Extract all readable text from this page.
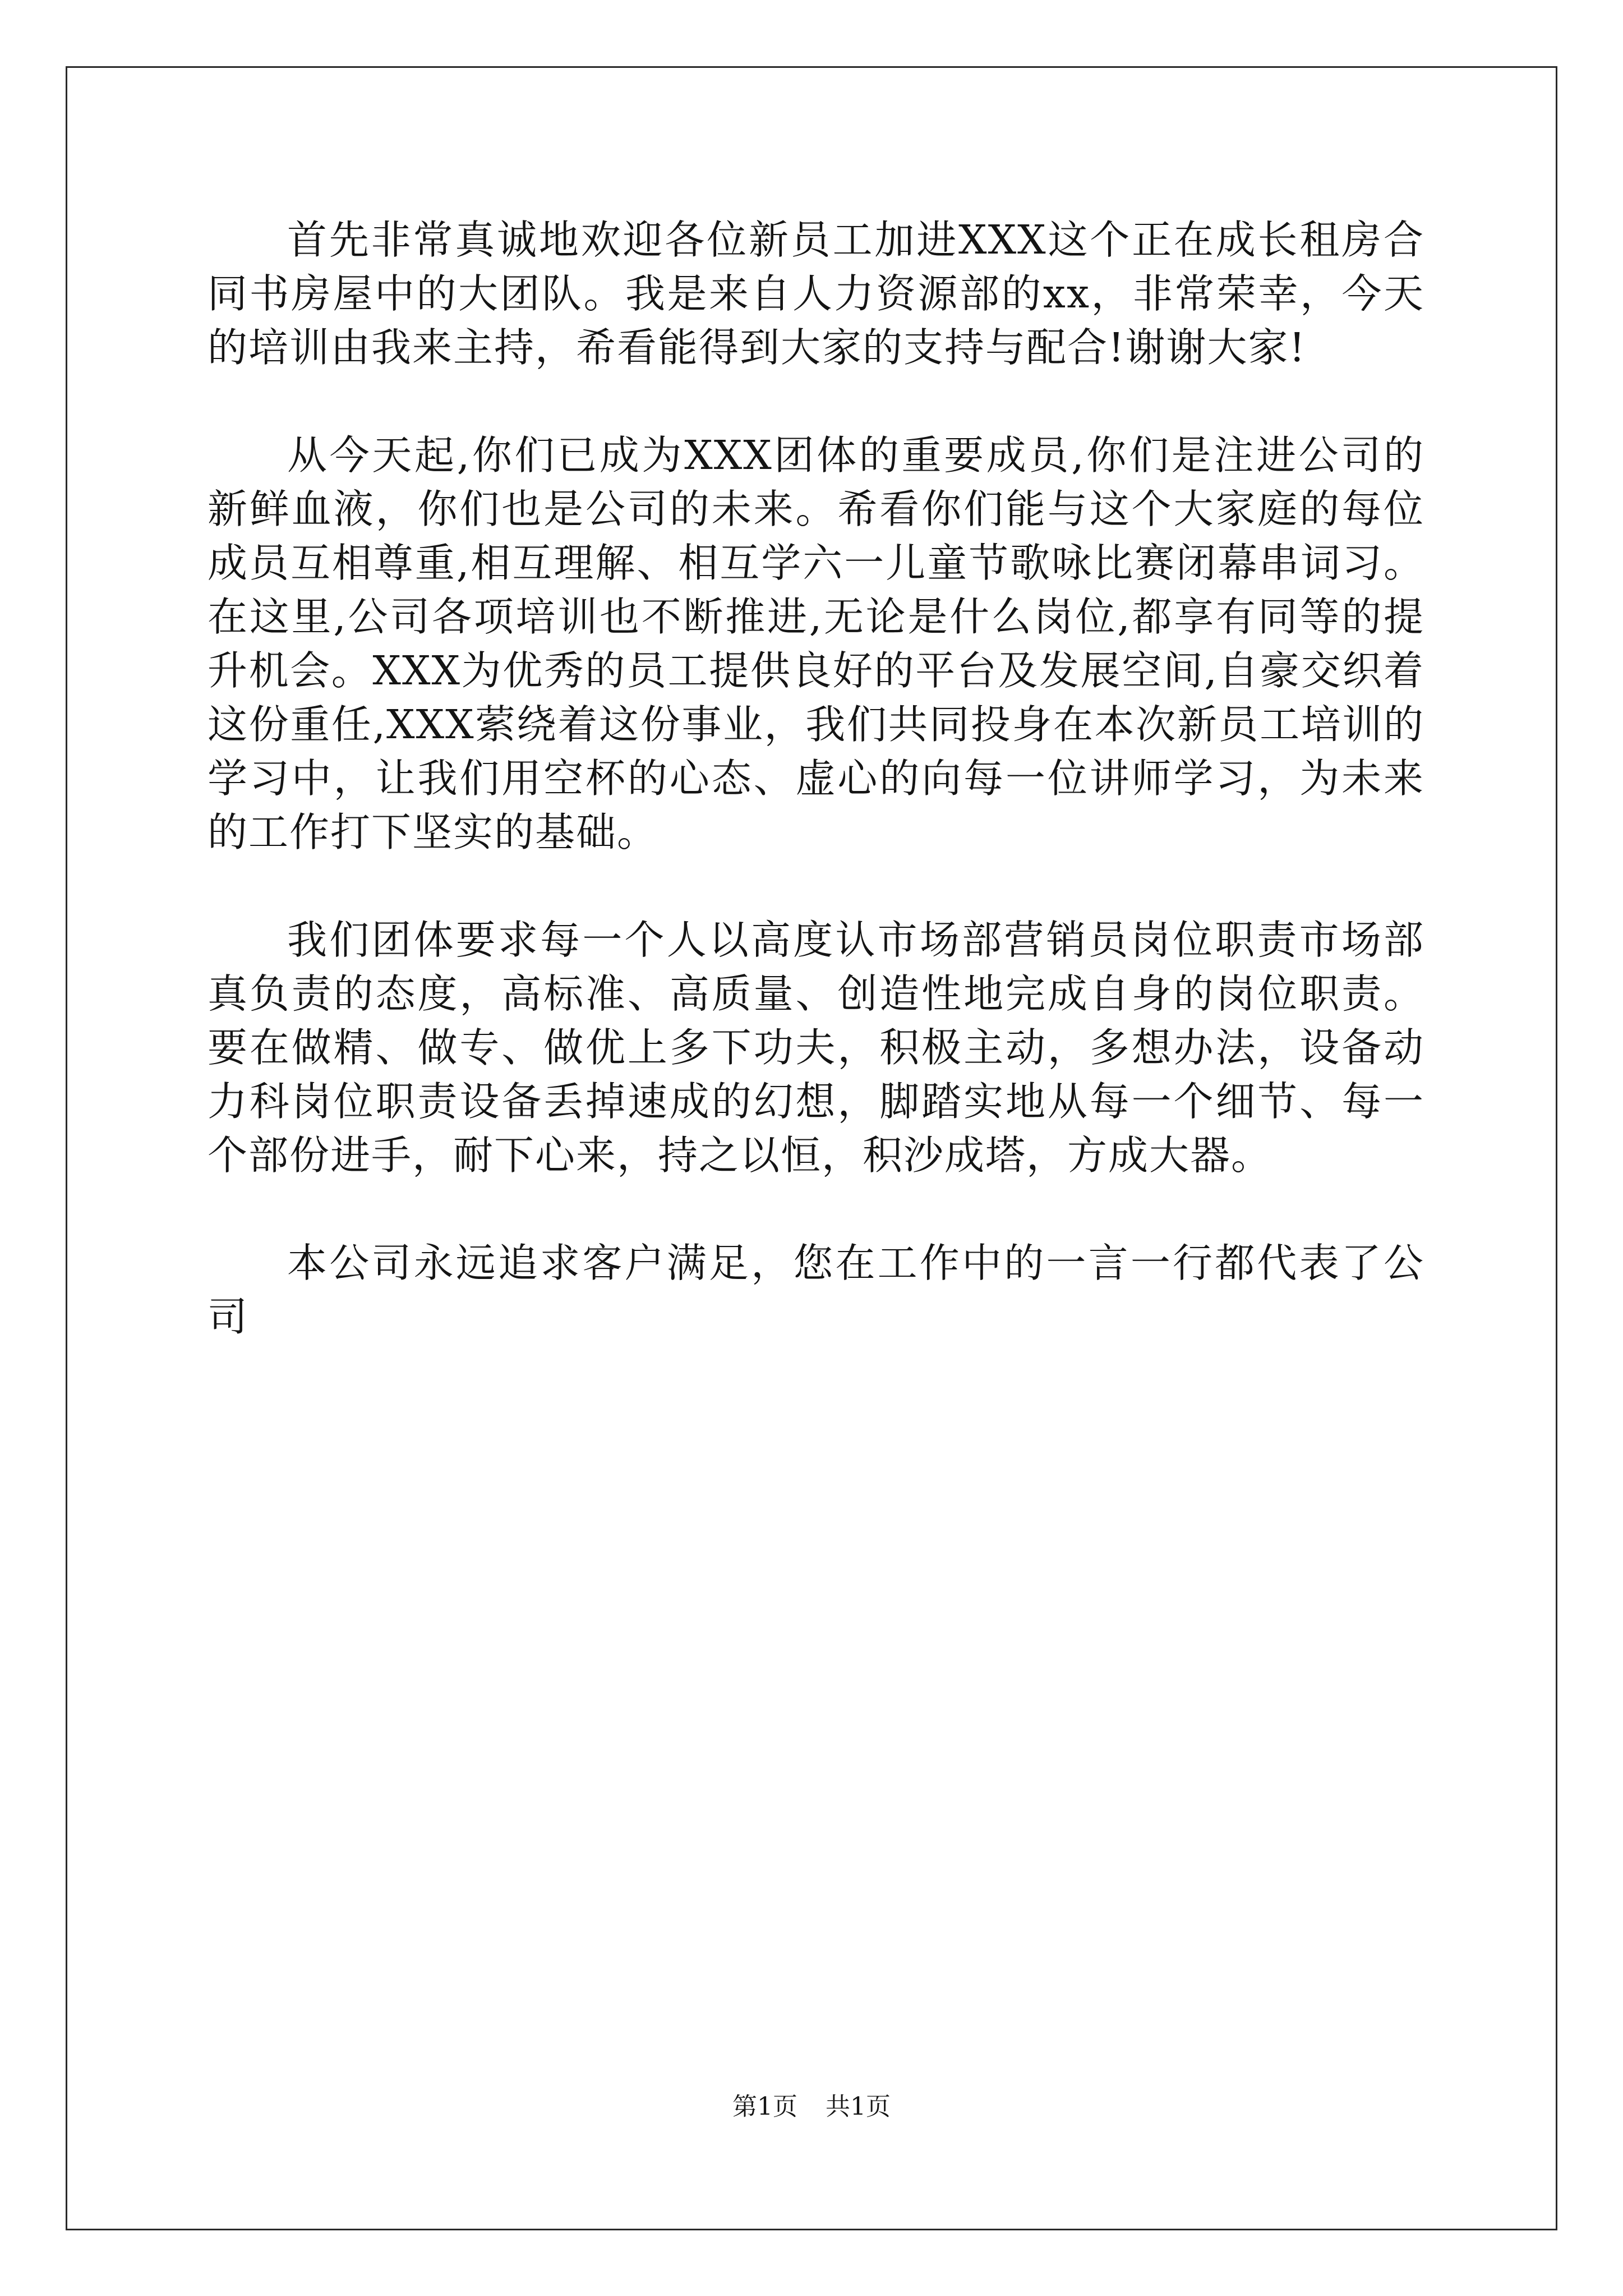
首先非常真诚地欢迎各位新员工加进XXX这个正在成长租房合同书房屋中的大团队。我是来自人力资源部的xx，非常荣幸，今天的培训由我来主持，希看能得到大家的支持与配合!谢谢大家!

从今天起,你们已成为XXX团体的重要成员,你们是注进公司的新鲜血液，你们也是公司的未来。希看你们能与这个大家庭的每位成员互相尊重,相互理解、相互学六一儿童节歌咏比赛闭幕串词习。在这里,公司各项培训也不断推进,无论是什么岗位,都享有同等的提升机会。XXX为优秀的员工提供良好的平台及发展空间,自豪交织着这份重任,XXX萦绕着这份事业，我们共同投身在本次新员工培训的学习中，让我们用空杯的心态、虚心的向每一位讲师学习，为未来的工作打下坚实的基础。

我们团体要求每一个人以高度认市场部营销员岗位职责市场部真负责的态度，高标准、高质量、创造性地完成自身的岗位职责。要在做精、做专、做优上多下功夫，积极主动，多想办法，设备动力科岗位职责设备丢掉速成的幻想，脚踏实地从每一个细节、每一个部份进手，耐下心来，持之以恒，积沙成塔，方成大器。

本公司永远追求客户满足，您在工作中的一言一行都代表了公司

第1页 共1页
